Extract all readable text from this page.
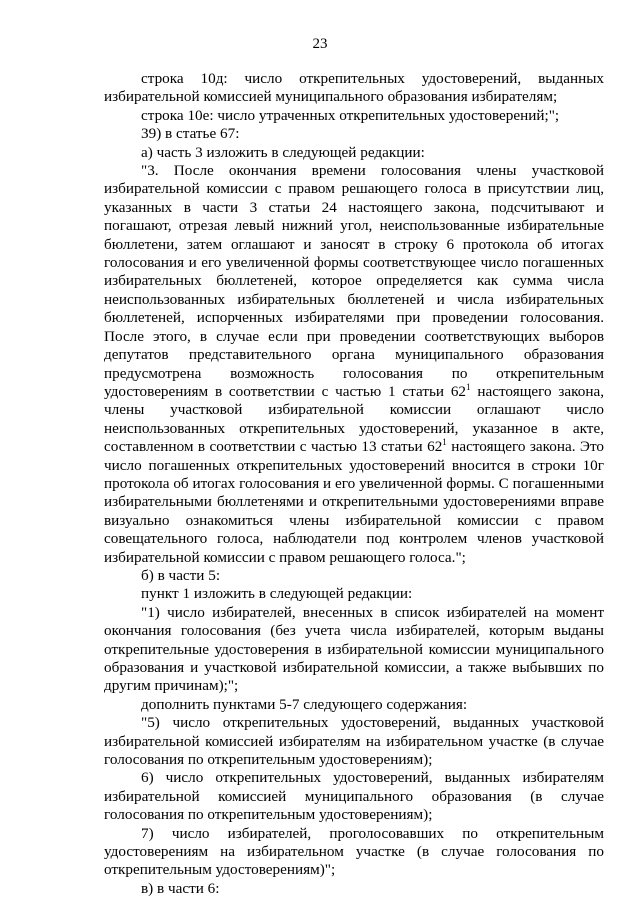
23

строка 10д: число открепительных удостоверений, выданных избирательной комиссией муниципального образования избирателям;

строка 10е: число утраченных открепительных удостоверений;";

39) в статье 67:

а) часть 3 изложить в следующей редакции:

"3. После окончания времени голосования члены участковой избирательной комиссии с правом решающего голоса в присутствии лиц, указанных в части 3 статьи 24 настоящего закона, подсчитывают и погашают, отрезая левый нижний угол, неиспользованные избирательные бюллетени, затем оглашают и заносят в строку 6 протокола об итогах голосования и его увеличенной формы соответствующее число погашенных избирательных бюллетеней, которое определяется как сумма числа неиспользованных избирательных бюллетеней и числа избирательных бюллетеней, испорченных избирателями при проведении голосования. После этого, в случае если при проведении соответствующих выборов депутатов представительного органа муниципального образования предусмотрена возможность голосования по открепительным удостоверениям в соответствии с частью 1 статьи $62^1$ настоящего закона, члены участковой избирательной комиссии оглашают число неиспользованных открепительных удостоверений, указанное в акте, составленном в соответствии с частью 13 статьи $62^1$ настоящего закона. Это число погашенных открепительных удостоверений вносится в строки 10г протокола об итогах голосования и его увеличенной формы. С погашенными избирательными бюллетенями и открепительными удостоверениями вправе визуально ознакомиться члены избирательной комиссии с правом совещательного голоса, наблюдатели под контролем членов участковой избирательной комиссии с правом решающего голоса.";

б) в части 5:

пункт 1 изложить в следующей редакции:

"1) число избирателей, внесенных в список избирателей на момент окончания голосования (без учета числа избирателей, которым выданы открепительные удостоверения в избирательной комиссии муниципального образования и участковой избирательной комиссии, а также выбывших по другим причинам);";

дополнить пунктами 5-7 следующего содержания:

"5) число открепительных удостоверений, выданных участковой избирательной комиссией избирателям на избирательном участке (в случае голосования по открепительным удостоверениям);

6) число открепительных удостоверений, выданных избирателям избирательной комиссией муниципального образования (в случае голосования по открепительным удостоверениям);

7) число избирателей, проголосовавших по открепительным удостоверениям на избирательном участке (в случае голосования по открепительным удостоверениям)";

в) в части 6:
